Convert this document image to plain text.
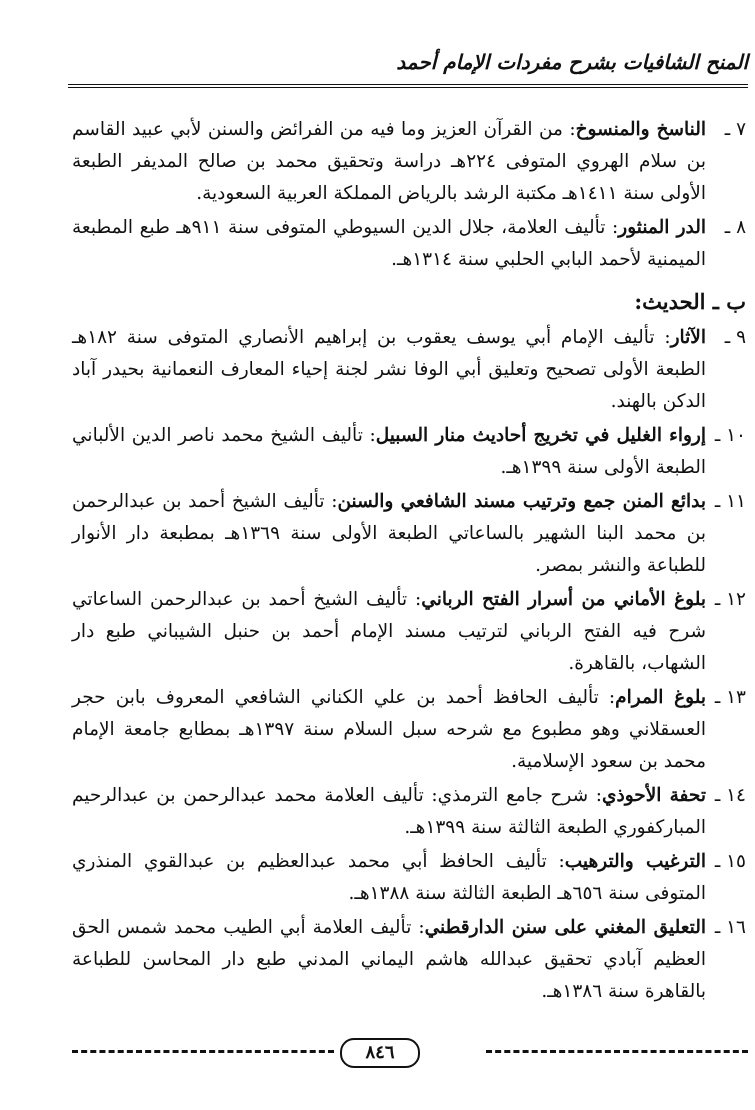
المنح الشافيات بشرح مفردات الإمام أحمد
٧ ـ
الناسخ والمنسوخ: من القرآن العزيز وما فيه من الفرائض والسنن لأبي عبيد القاسم بن سلام الهروي المتوفى ٢٢٤هـ دراسة وتحقيق محمد بن صالح المديفر الطبعة الأولى سنة ١٤١١هـ مكتبة الرشد بالرياض المملكة العربية السعودية.
٨ ـ
الدر المنثور: تأليف العلامة، جلال الدين السيوطي المتوفى سنة ٩١١هـ طبع المطبعة الميمنية لأحمد البابي الحلبي سنة ١٣١٤هـ.
ب ـ الحديث:
٩ ـ
الآثار: تأليف الإمام أبي يوسف يعقوب بن إبراهيم الأنصاري المتوفى سنة ١٨٢هـ الطبعة الأولى تصحيح وتعليق أبي الوفا نشر لجنة إحياء المعارف النعمانية بحيدر آباد الدكن بالهند.
١٠ ـ
إرواء الغليل في تخريج أحاديث منار السبيل: تأليف الشيخ محمد ناصر الدين الألباني الطبعة الأولى سنة ١٣٩٩هـ.
١١ ـ
بدائع المنن جمع وترتيب مسند الشافعي والسنن: تأليف الشيخ أحمد بن عبدالرحمن بن محمد البنا الشهير بالساعاتي الطبعة الأولى سنة ١٣٦٩هـ بمطبعة دار الأنوار للطباعة والنشر بمصر.
١٢ ـ
بلوغ الأماني من أسرار الفتح الرباني: تأليف الشيخ أحمد بن عبدالرحمن الساعاتي شرح فيه الفتح الرباني لترتيب مسند الإمام أحمد بن حنبل الشيباني طبع دار الشهاب، بالقاهرة.
١٣ ـ
بلوغ المرام: تأليف الحافظ أحمد بن علي الكناني الشافعي المعروف بابن حجر العسقلاني وهو مطبوع مع شرحه سبل السلام سنة ١٣٩٧هـ بمطابع جامعة الإمام محمد بن سعود الإسلامية.
١٤ ـ
تحفة الأحوذي: شرح جامع الترمذي: تأليف العلامة محمد عبدالرحمن بن عبدالرحيم المباركفوري الطبعة الثالثة سنة ١٣٩٩هـ.
١٥ ـ
الترغيب والترهيب: تأليف الحافظ أبي محمد عبدالعظيم بن عبدالقوي المنذري المتوفى سنة ٦٥٦هـ الطبعة الثالثة سنة ١٣٨٨هـ.
١٦ ـ
التعليق المغني على سنن الدارقطني: تأليف العلامة أبي الطيب محمد شمس الحق العظيم آبادي تحقيق عبدالله هاشم اليماني المدني طبع دار المحاسن للطباعة بالقاهرة سنة ١٣٨٦هـ.
٨٤٦
